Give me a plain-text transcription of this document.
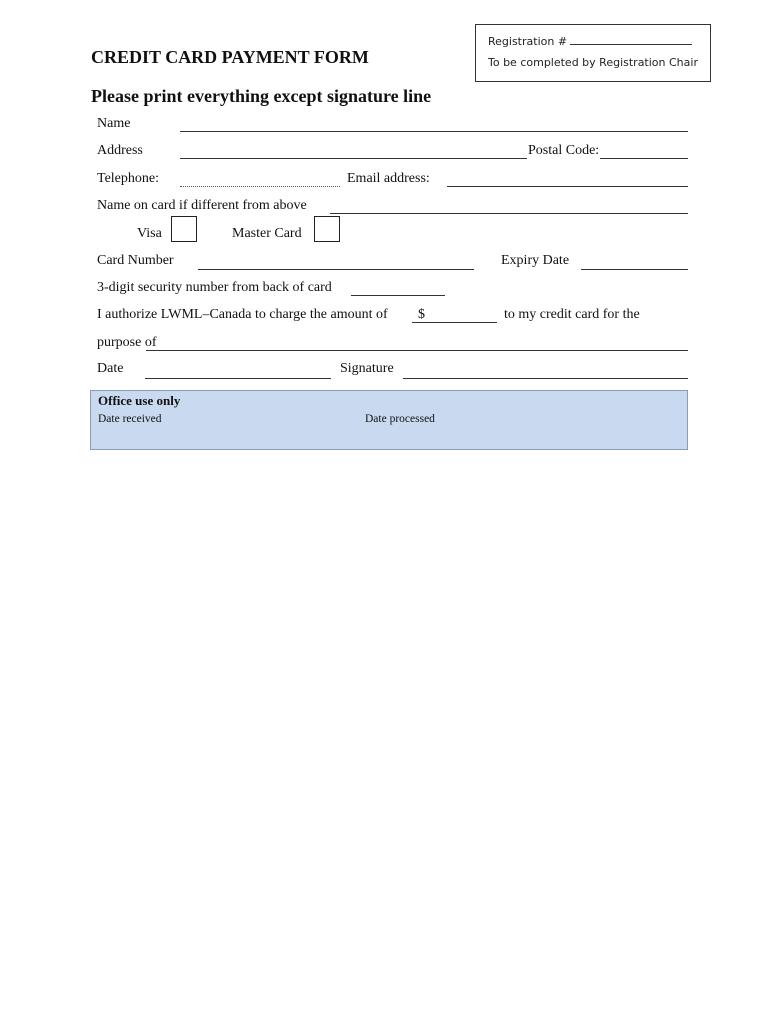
Registration #
To be completed by Registration Chair
CREDIT CARD PAYMENT FORM
Please print everything except signature line
Name
Address	Postal Code:
Telephone:	Email address:
Name on card if different from above
Visa	Master Card
Card Number	Expiry Date
3-digit security number from back of card
I authorize LWML–Canada to charge the amount of $	to my credit card for the
purpose of
Date	Signature
Office use only
Date received	Date processed
